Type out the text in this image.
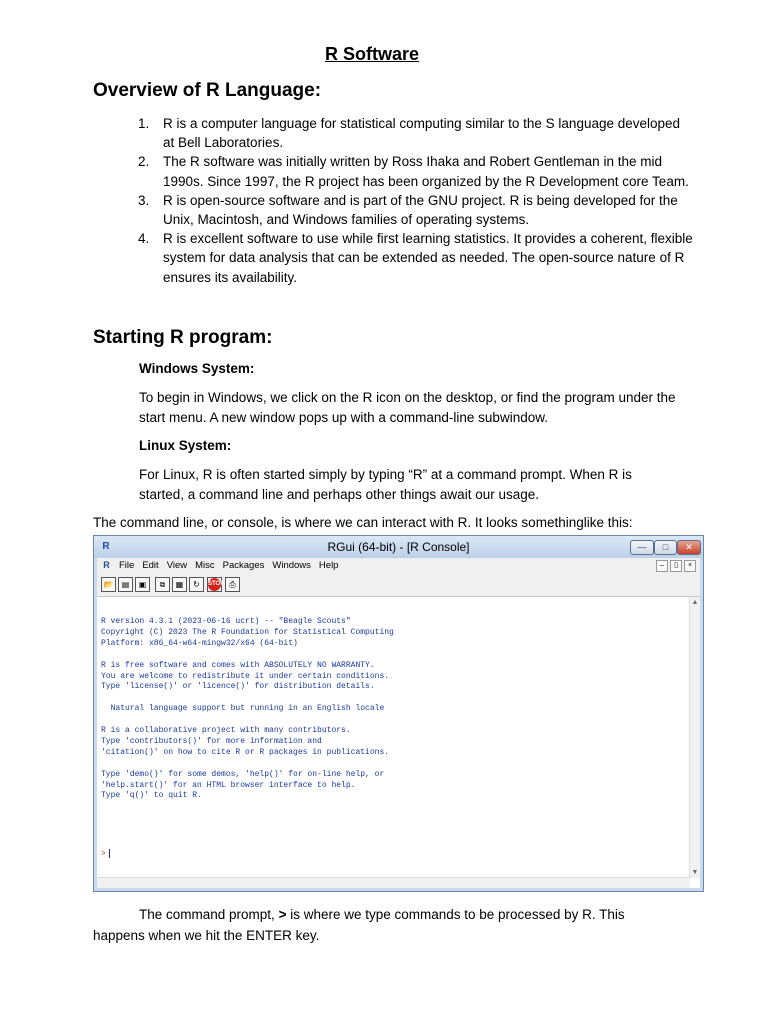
R Software
Overview of R Language:
1. R is a computer language for statistical computing similar to the S language developed at Bell Laboratories.
2. The R software was initially written by Ross Ihaka and Robert Gentleman in the mid 1990s. Since 1997, the R project has been organized by the R Development core Team.
3. R is open-source software and is part of the GNU project. R is being developed for the Unix, Macintosh, and Windows families of operating systems.
4. R is excellent software to use while first learning statistics. It provides a coherent, flexible system for data analysis that can be extended as needed. The open-source nature of R ensures its availability.
Starting R program:

Windows System:

To begin in Windows, we click on the R icon on the desktop, or find the program under the start menu. A new window pops up with a command-line subwindow.

Linux System:

For Linux, R is often started simply by typing “R” at a command prompt. When R is started, a command line and perhaps other things await our usage.

The command line, or console, is where we can interact with R. It looks somethinglike this:

R	RGui (64-bit) - [R Console]	—	□	✕
R File Edit View Misc Packages Windows Help	–	▯	×
📂	▤	▣	⧉	▦	↻	STOP ⎙
R version 4.3.1 (2023-06-16 ucrt) -- "Beagle Scouts"
Copyright (C) 2023 The R Foundation for Statistical Computing
Platform: x86_64-w64-mingw32/x64 (64-bit)
R is free software and comes with ABSOLUTELY NO WARRANTY.
You are welcome to redistribute it under certain conditions.
Type 'license()' or 'licence()' for distribution details.
Natural language support but running in an English locale
R is a collaborative project with many contributors.
Type 'contributors()' for more information and
'citation()' on how to cite R or R packages in publications.
Type 'demo()' for some demos, 'help()' for on-line help, or
'help.start()' for an HTML browser interface to help.
Type 'q()' to quit R.
>
▲
▼

The command prompt, > is where we type commands to be processed by R. This happens when we hit the ENTER key.
